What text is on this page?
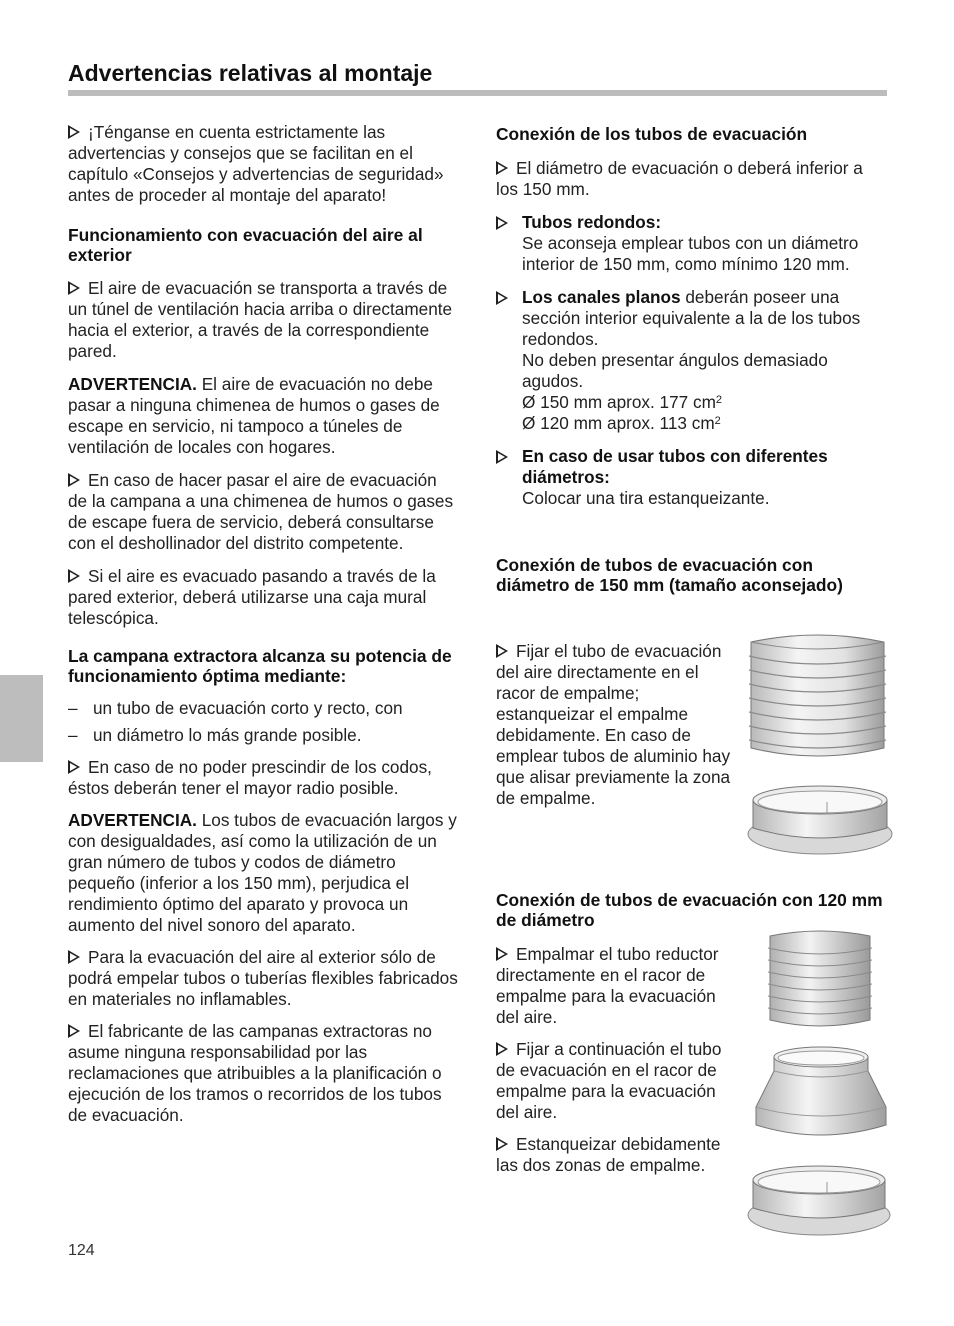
Advertencias relativas al montaje

¡Ténganse en cuenta estrictamente las advertencias y consejos que se facilitan en el capítulo «Consejos y advertencias de seguridad» antes de proceder al montaje del aparato!

Funcionamiento con evacuación del aire al exterior

El aire de evacuación se transporta a través de un túnel de ventilación hacia arriba o directamente hacia el exterior, a través de la correspondiente pared.

ADVERTENCIA. El aire de evacuación no debe pasar a ninguna chimenea de humos o gases de escape en servicio, ni tampoco a túneles de ventilación de locales con hogares.

En caso de hacer pasar el aire de evacuación de la campana a una chimenea de humos o gases de escape fuera de servicio, deberá consultarse con el deshollinador del distrito competente.

Si el aire es evacuado pasando a través de la pared exterior, deberá utilizarse una caja mural telescópica.

La campana extractora alcanza su potencia de funcionamiento óptima mediante:

– un tubo de evacuación corto y recto, con

– un diámetro lo más grande posible.

En caso de no poder prescindir de los codos, éstos deberán tener el mayor radio posible.

ADVERTENCIA. Los tubos de evacuación largos y con desigualdades, así como la utilización de un gran número de tubos y codos de diámetro pequeño (inferior a los 150 mm), perjudica el rendimiento óptimo del aparato y provoca un aumento del nivel sonoro del aparato.

Para la evacuación del aire al exterior sólo de podrá empelar tubos o tuberías flexibles fabricados en materiales no inflamables.

El fabricante de las campanas extractoras no asume ninguna responsabilidad por las reclamaciones que atribuibles a la planificación o ejecución de los tramos o recorridos de los tubos de evacuación.

124
Conexión de los tubos de evacuación

El diámetro de evacuación o deberá inferior a los 150 mm.

Tubos redondos:
Se aconseja emplear tubos con un diámetro interior de 150 mm, como mínimo 120 mm.

Los canales planos deberán poseer una sección interior equivalente a la de los tubos redondos.
No deben presentar ángulos demasiado agudos.
Ø 150 mm aprox. 177 $cm^2$
Ø 120 mm aprox. 113 $cm^2$

En caso de usar tubos con diferentes diámetros:
Colocar una tira estanqueizante.

Conexión de tubos de evacuación con diámetro de 150 mm (tamaño aconsejado)

Fijar el tubo de evacuación del aire directamente en el racor de empalme; estanqueizar el empalme debidamente. En caso de emplear tubos de aluminio hay que alisar previamente la zona de empalme.

Conexión de tubos de evacuación con 120 mm de diámetro

Empalmar el tubo reductor directamente en el racor de empalme para la evacuación del aire.

Fijar a continuación el tubo de evacuación en el racor de empalme para la evacuación del aire.

Estanqueizar debidamente las dos zonas de empalme.
